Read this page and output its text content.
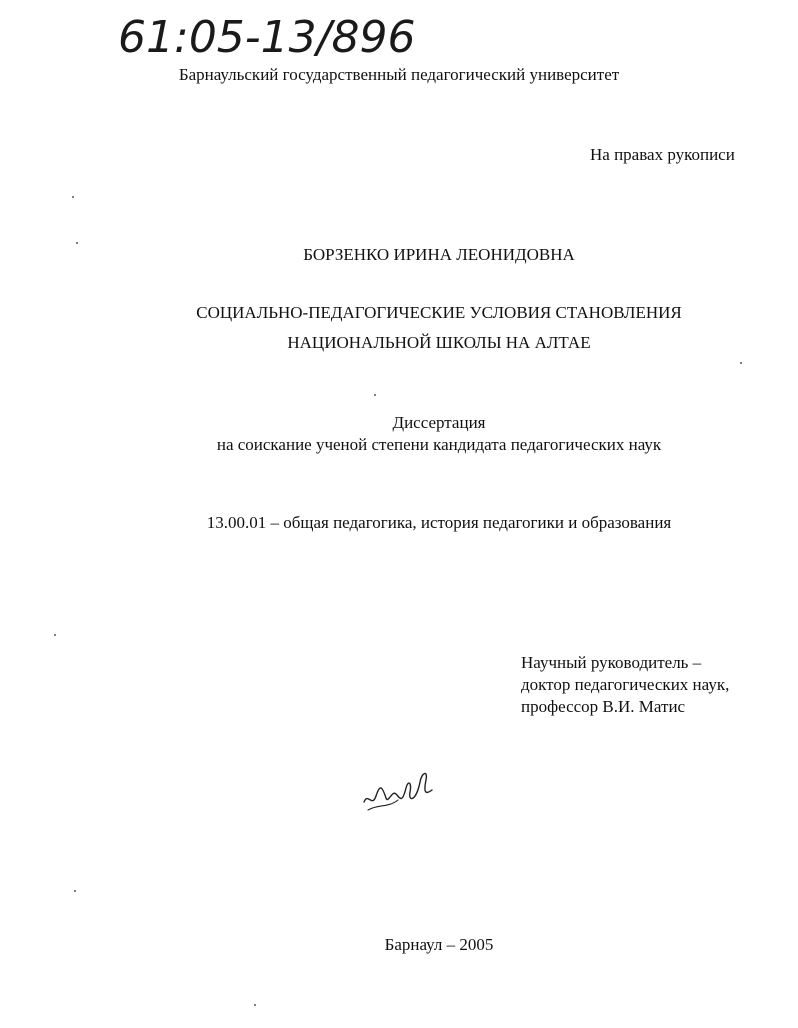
61:05-13/896
Барнаульский государственный педагогический университет
На правах рукописи
БОРЗЕНКО ИРИНА ЛЕОНИДОВНА
СОЦИАЛЬНО-ПЕДАГОГИЧЕСКИЕ УСЛОВИЯ СТАНОВЛЕНИЯ
НАЦИОНАЛЬНОЙ ШКОЛЫ НА АЛТАЕ
Диссертация
на соискание ученой степени кандидата педагогических наук
13.00.01 – общая педагогика, история педагогики и образования
Научный руководитель –
доктор педагогических наук,
профессор В.И. Матис
Барнаул – 2005
